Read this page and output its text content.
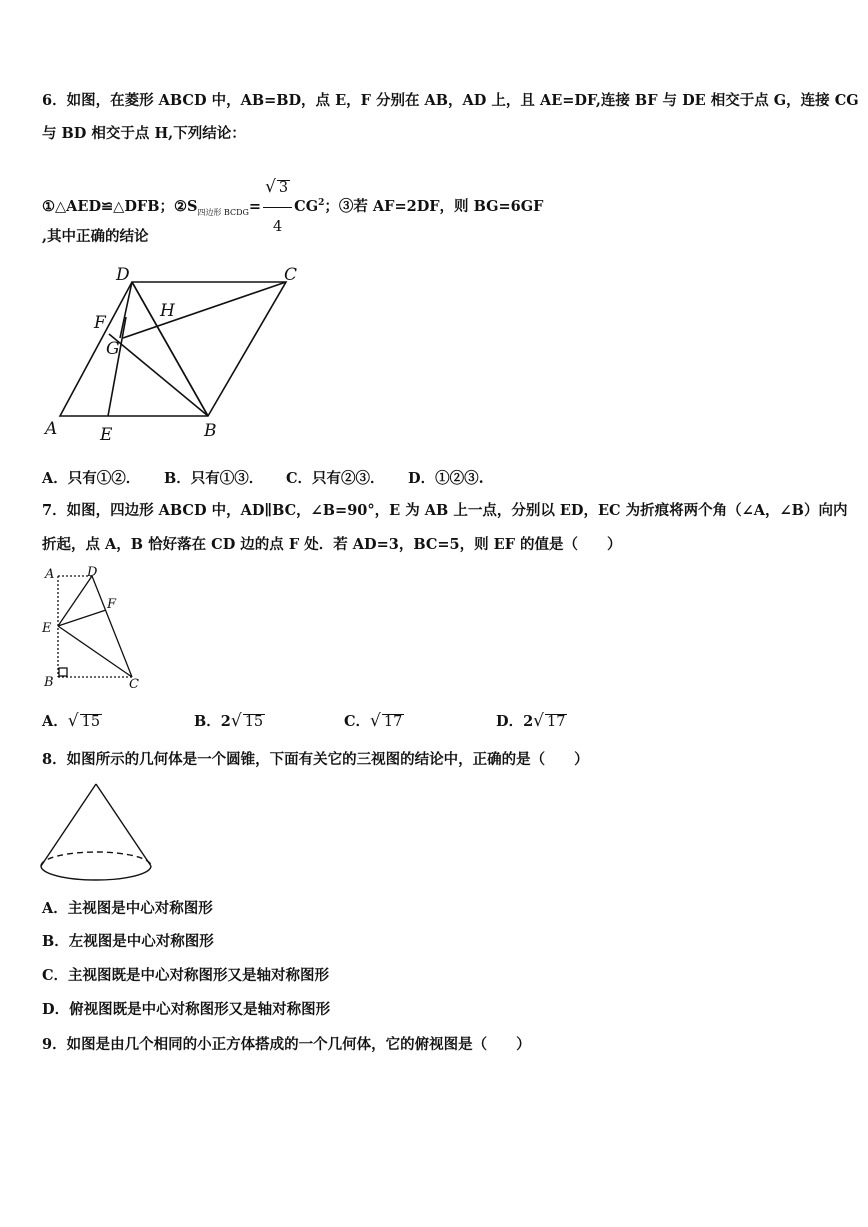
6．如图，在菱形 ABCD 中，AB=BD，点 E，F 分别在 AB，AD 上，且 AE=DF,连接 BF 与 DE 相交于点 G，连接 CG
与 BD 相交于点 H,下列结论：
①△AED≌△DFB；$②S_{四边形 BCDG}= \frac{√ 3}{4} CG^2$；③若 AF=2DF，则 BG=6GF
,其中正确的结论
D	C
F
H
G
A	E	B
A．只有①②． B．只有①③． C．只有②③． D．①②③.
7．如图，四边形 ABCD 中，AD∥BC，∠B=90°，E 为 AB 上一点，分别以 ED，EC 为折痕将两个角（∠A，∠B）向内
折起，点 A，B 恰好落在 CD 边的点 F 处．若 AD=3，BC=5，则 EF 的值是（　　）
A	D
F
E
B	C
A．√ 15	B．2√ 15	C．√ 17	D．2√ 17
8．如图所示的几何体是一个圆锥，下面有关它的三视图的结论中，正确的是（　　）
A．主视图是中心对称图形
B．左视图是中心对称图形
C．主视图既是中心对称图形又是轴对称图形
D．俯视图既是中心对称图形又是轴对称图形
9．如图是由几个相同的小正方体搭成的一个几何体，它的俯视图是（　　）
